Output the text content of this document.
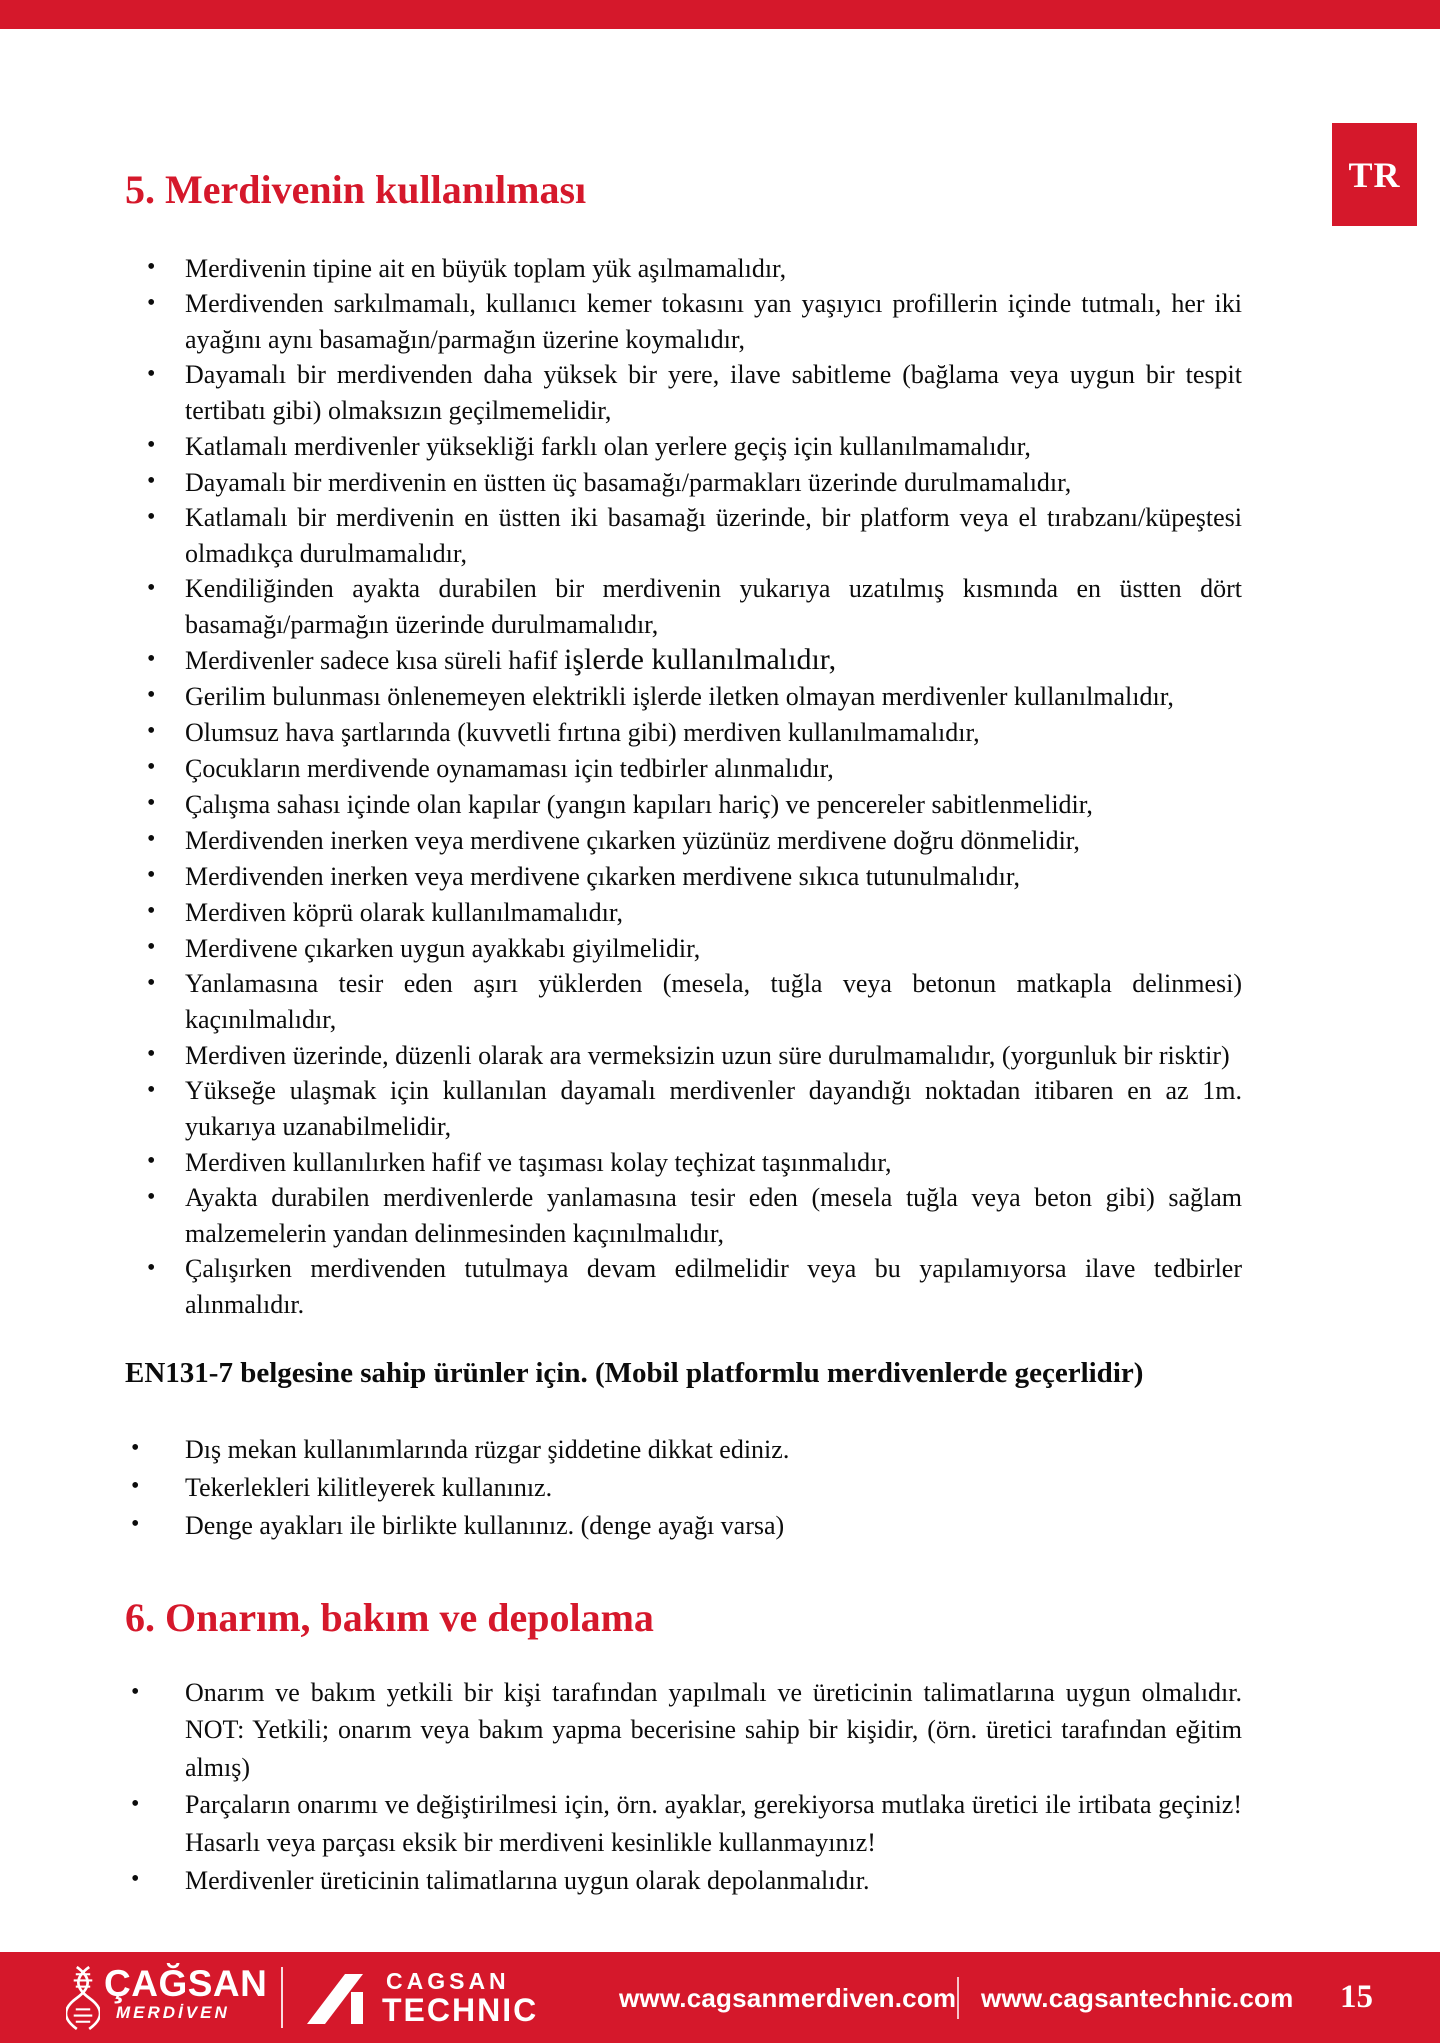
TR
5. Merdivenin kullanılması
• Merdivenin tipine ait en büyük toplam yük aşılmamalıdır,
• Merdivenden sarkılmamalı, kullanıcı kemer tokasını yan yaşıyıcı profillerin içinde tutmalı, her iki ayağını aynı basamağın/parmağın üzerine koymalıdır,
• Dayamalı bir merdivenden daha yüksek bir yere, ilave sabitleme (bağlama veya uygun bir tespit tertibatı gibi) olmaksızın geçilmemelidir,
• Katlamalı merdivenler yüksekliği farklı olan yerlere geçiş için kullanılmamalıdır,
• Dayamalı bir merdivenin en üstten üç basamağı/parmakları üzerinde durulmamalıdır,
• Katlamalı bir merdivenin en üstten iki basamağı üzerinde, bir platform veya el tırabzanı/küpeştesi olmadıkça durulmamalıdır,
• Kendiliğinden ayakta durabilen bir merdivenin yukarıya uzatılmış kısmında en üstten dört basamağı/parmağın üzerinde durulmamalıdır,
• Merdivenler sadece kısa süreli hafif işlerde kullanılmalıdır,
• Gerilim bulunması önlenemeyen elektrikli işlerde iletken olmayan merdivenler kullanılmalıdır,
• Olumsuz hava şartlarında (kuvvetli fırtına gibi) merdiven kullanılmamalıdır,
• Çocukların merdivende oynamaması için tedbirler alınmalıdır,
• Çalışma sahası içinde olan kapılar (yangın kapıları hariç) ve pencereler sabitlenmelidir,
• Merdivenden inerken veya merdivene çıkarken yüzünüz merdivene doğru dönmelidir,
• Merdivenden inerken veya merdivene çıkarken merdivene sıkıca tutunulmalıdır,
• Merdiven köprü olarak kullanılmamalıdır,
• Merdivene çıkarken uygun ayakkabı giyilmelidir,
• Yanlamasına tesir eden aşırı yüklerden (mesela, tuğla veya betonun matkapla delinmesi) kaçınılmalıdır,
• Merdiven üzerinde, düzenli olarak ara vermeksizin uzun süre durulmamalıdır, (yorgunluk bir risktir)
• Yükseğe ulaşmak için kullanılan dayamalı merdivenler dayandığı noktadan itibaren en az 1m. yukarıya uzanabilmelidir,
• Merdiven kullanılırken hafif ve taşıması kolay teçhizat taşınmalıdır,
• Ayakta durabilen merdivenlerde yanlamasına tesir eden (mesela tuğla veya beton gibi) sağlam malzemelerin yandan delinmesinden kaçınılmalıdır,
• Çalışırken merdivenden tutulmaya devam edilmelidir veya bu yapılamıyorsa ilave tedbirler alınmalıdır.
EN131-7 belgesine sahip ürünler için. (Mobil platformlu merdivenlerde geçerlidir)
• Dış mekan kullanımlarında rüzgar şiddetine dikkat ediniz.
• Tekerlekleri kilitleyerek kullanınız.
• Denge ayakları ile birlikte kullanınız. (denge ayağı varsa)
6. Onarım, bakım ve depolama
• Onarım ve bakım yetkili bir kişi tarafından yapılmalı ve üreticinin talimatlarına uygun olmalıdır. NOT: Yetkili; onarım veya bakım yapma becerisine sahip bir kişidir, (örn. üretici tarafından eğitim almış)
• Parçaların onarımı ve değiştirilmesi için, örn. ayaklar, gerekiyorsa mutlaka üretici ile irtibata geçiniz! Hasarlı veya parçası eksik bir merdiveni kesinlikle kullanmayınız!
• Merdivenler üreticinin talimatlarına uygun olarak depolanmalıdır.
ÇAĞSAN
MERDİVEN
CAGSAN
TECHNIC	www.cagsanmerdiven.com www.cagsantechnic.com 15
